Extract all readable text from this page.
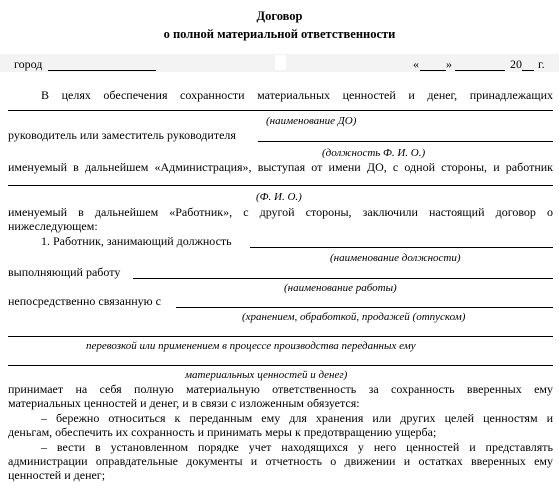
Договор
о полной материальной ответственности
город	« »	20 г.
В целях обеспечения сохранности материальных ценностей и денег, принадлежащих
(наименование ДО)
руководитель или заместитель руководителя
(должность Ф. И. О.)
именуемый в дальнейшем «Администрация», выступая от имени ДО, с одной стороны, и работник
(Ф. И. О.)
именуемый в дальнейшем «Работник», с другой стороны, заключили настоящий договор о
нижеследующем:
1. Работник, занимающий должность
(наименование должности)
выполняющий работу
(наименование работы)
непосредственно связанную с
(хранением, обработкой, продажей (отпуском)
перевозкой или применением в процессе производства переданных ему
материальных ценностей и денег)
принимает на себя полную материальную ответственность за сохранность вверенных ему
материальных ценностей и денег, и в связи с изложенным обязуется:
– бережно относиться к переданным ему для хранения или других целей ценностям и
деньгам, обеспечить их сохранность и принимать меры к предотвращению ущерба;
– вести в установленном порядке учет находящихся у него ценностей и представлять
администрации оправдательные документы и отчетность о движении и остатках вверенных ему
ценностей и денег;
